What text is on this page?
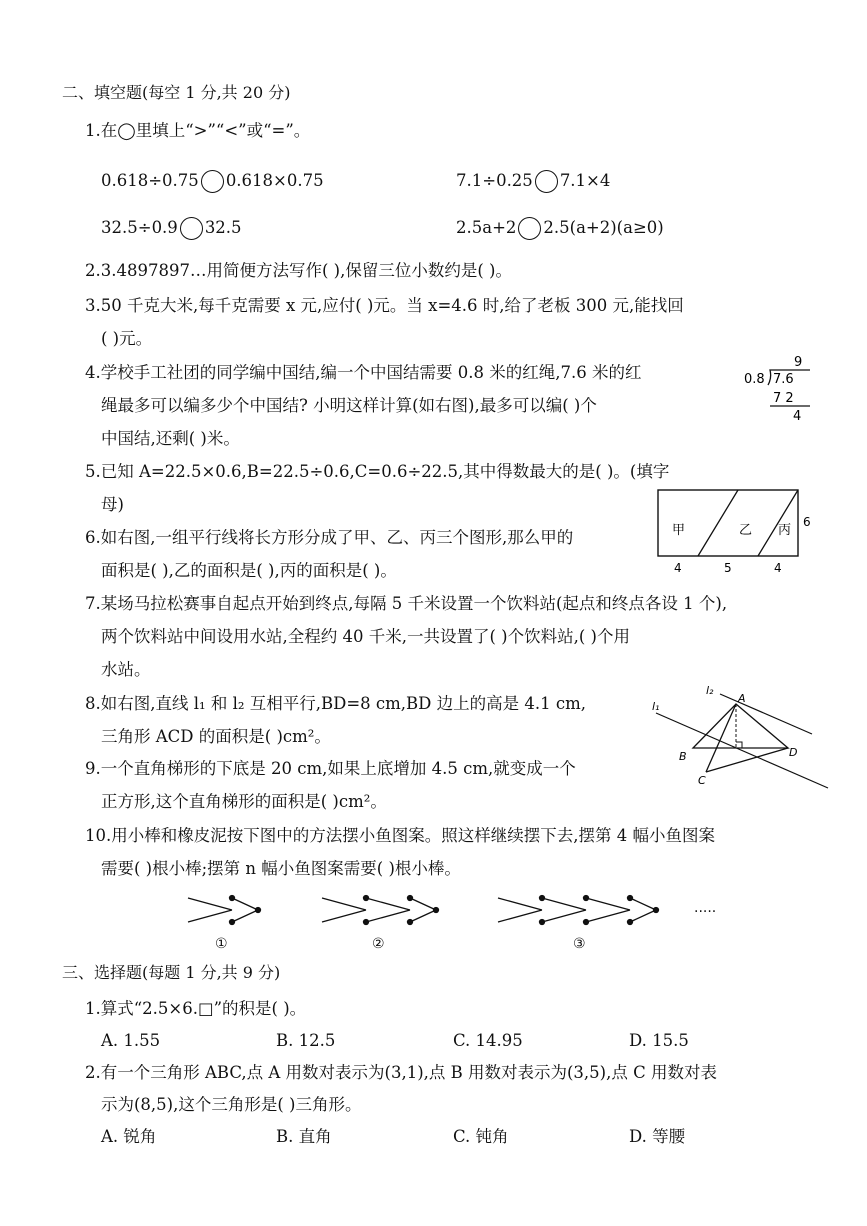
二、填空题(每空 1 分,共 20 分)
1.在◯里填上“>”“<”或“=”。
0.618÷0.75 0.618×0.75	7.1÷0.25 7.1×4
32.5÷0.9 32.5	2.5a+2 2.5(a+2)(a≥0)
2.3.4897897…用简便方法写作( ),保留三位小数约是( )。
3.50 千克大米,每千克需要 x 元,应付( )元。当 x=4.6 时,给了老板 300 元,能找回
( )元。
4.学校手工社团的同学编中国结,编一个中国结需要 0.8 米的红绳,7.6 米的红
绳最多可以编多少个中国结? 小明这样计算(如右图),最多可以编( )个
中国结,还剩( )米。
9
0.8 7.6
7 2
4
5.已知 A=22.5×0.6,B=22.5÷0.6,C=0.6÷22.5,其中得数最大的是( )。(填字
母)
6.如右图,一组平行线将长方形分成了甲、乙、丙三个图形,那么甲的
面积是( ),乙的面积是( ),丙的面积是( )。
甲	乙 丙
6
4	5	4
7.某场马拉松赛事自起点开始到终点,每隔 5 千米设置一个饮料站(起点和终点各设 1 个),
两个饮料站中间设用水站,全程约 40 千米,一共设置了( )个饮料站,( )个用
水站。
8.如右图,直线 l₁ 和 l₂ 互相平行,BD=8 cm,BD 边上的高是 4.1 cm,
三角形 ACD 的面积是( )cm²。
l₂
l₁
A
B
C
D
9.一个直角梯形的下底是 20 cm,如果上底增加 4.5 cm,就变成一个
正方形,这个直角梯形的面积是( )cm²。
10.用小棒和橡皮泥按下图中的方法摆小鱼图案。照这样继续摆下去,摆第 4 幅小鱼图案
需要( )根小棒;摆第 n 幅小鱼图案需要( )根小棒。
①	②	③
.....
三、选择题(每题 1 分,共 9 分)
1.算式“2.5×6.□”的积是( )。
A. 1.55	B. 12.5	C. 14.95	D. 15.5
2.有一个三角形 ABC,点 A 用数对表示为(3,1),点 B 用数对表示为(3,5),点 C 用数对表
示为(8,5),这个三角形是( )三角形。
A. 锐角	B. 直角	C. 钝角	D. 等腰
